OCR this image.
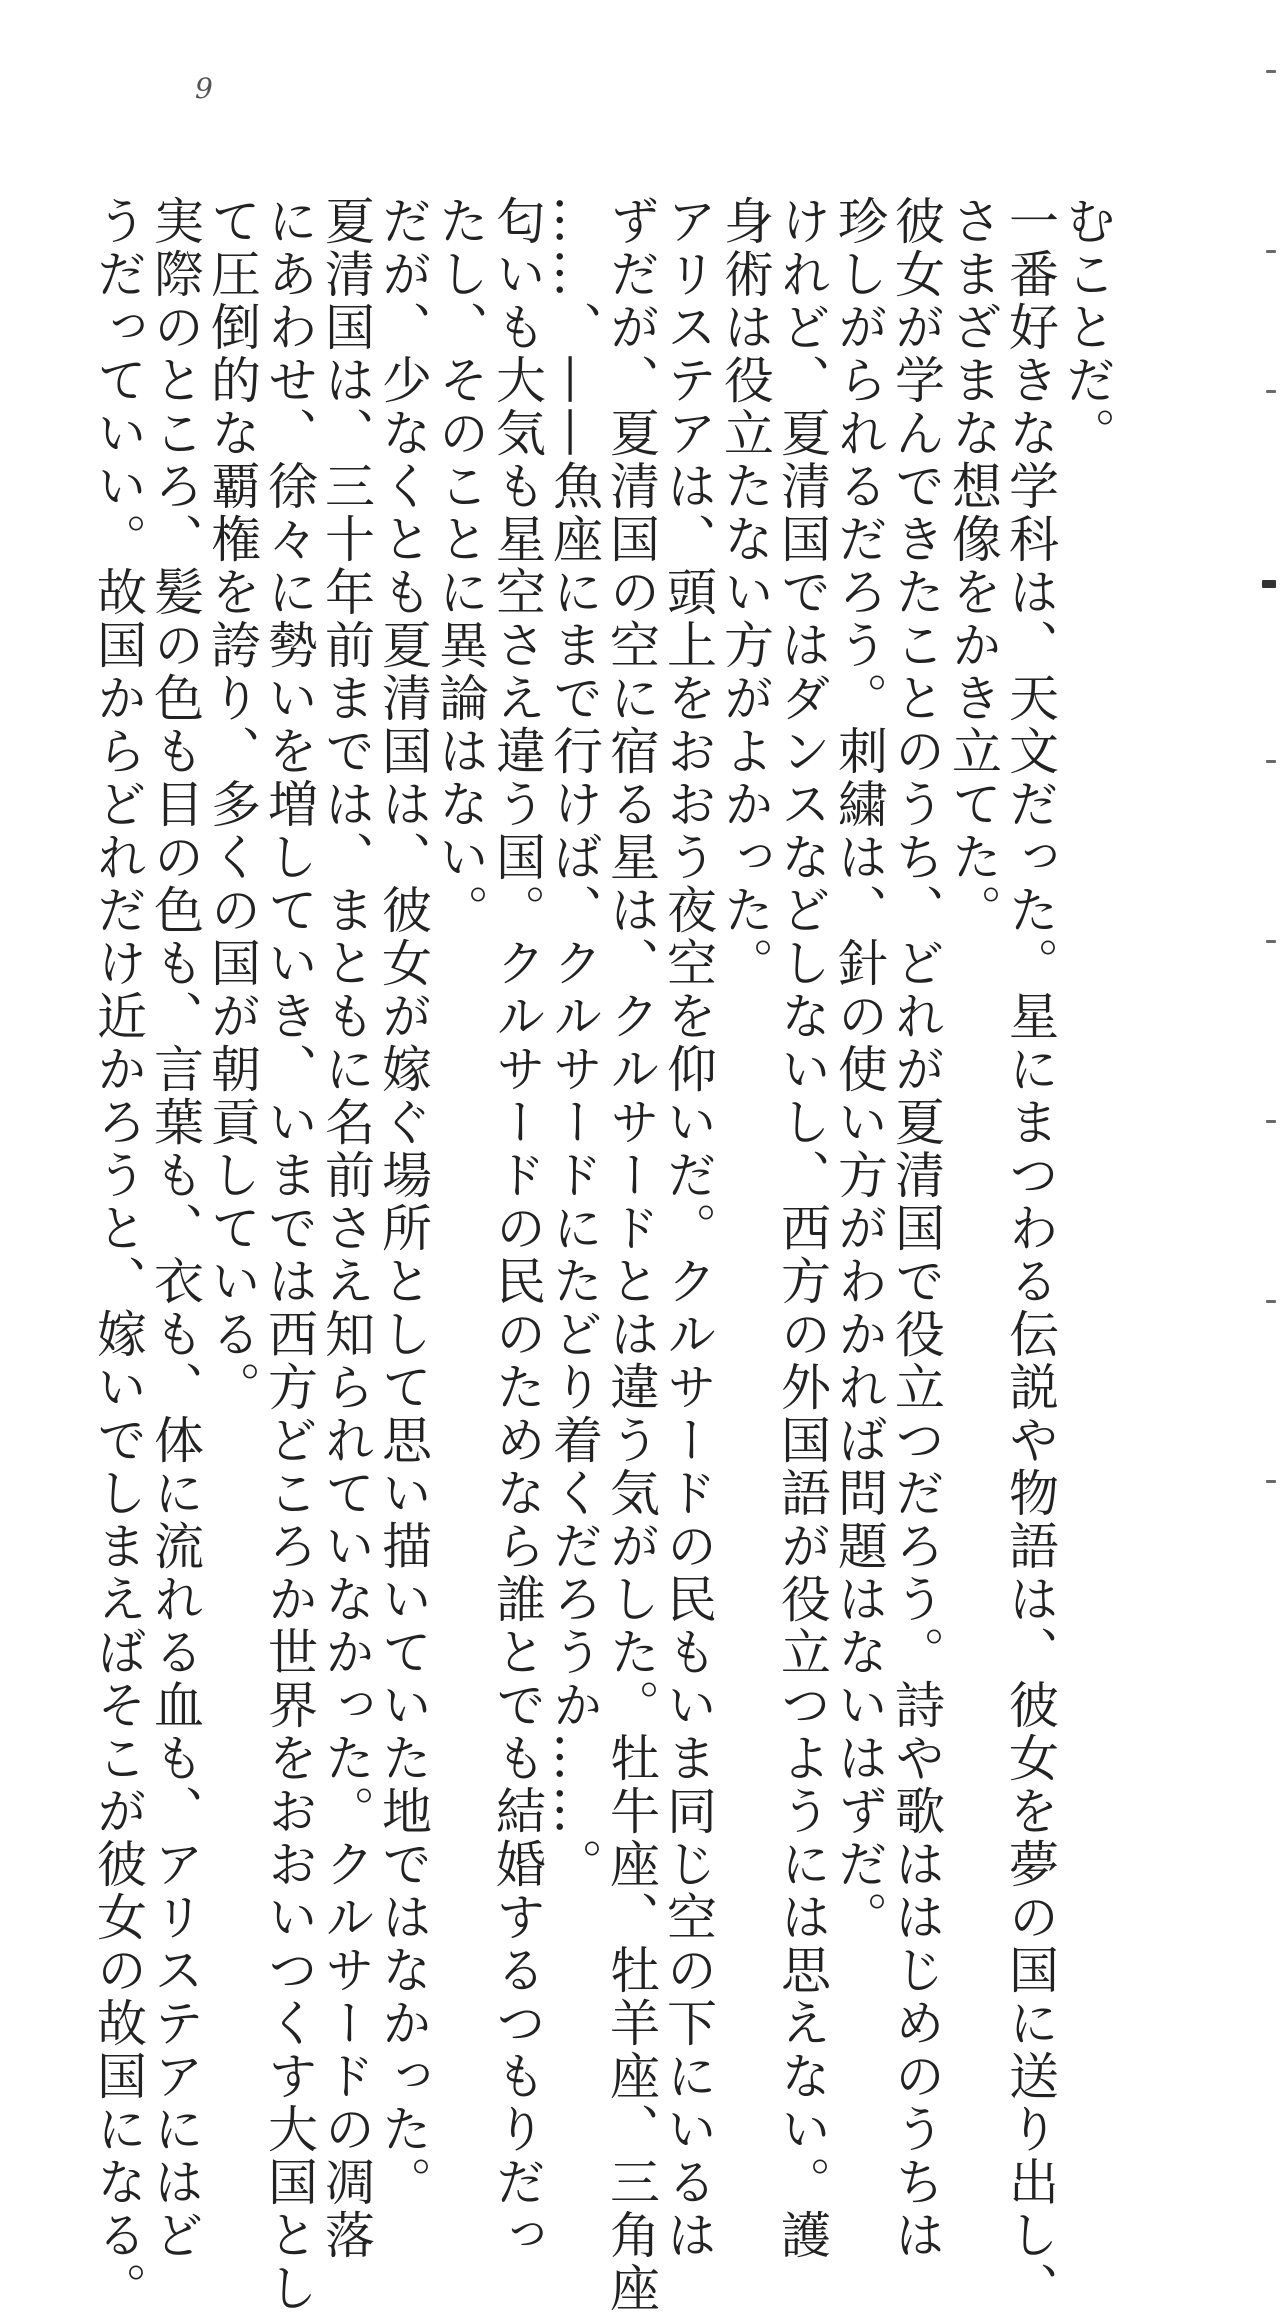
9
むことだ。
一番好きな学科は、天文だった。星にまつわる伝説や物語は、彼女を夢の国に送り出し、
さまざまな想像をかき立てた。
彼女が学んできたことのうち、どれが夏清国で役立つだろう。詩や歌ははじめのうちは
珍しがられるだろう。刺繍は、針の使い方がわかれば問題はないはずだ。
けれど、夏清国ではダンスなどしないし、西方の外国語が役立つようには思えない。護
身術は役立たない方がよかった。
アリステアは、頭上をおおう夜空を仰いだ。クルサードの民もいま同じ空の下にいるは
ずだが、夏清国の空に宿る星は、クルサードとは違う気がした。牡牛座、牡羊座、三角座
……、——魚座にまで行けば、クルサードにたどり着くだろうか……。
匂いも大気も星空さえ違う国。クルサードの民のためなら誰とでも結婚するつもりだっ
たし、そのことに異論はない。
だが、少なくとも夏清国は、彼女が嫁ぐ場所として思い描いていた地ではなかった。
夏清国は、三十年前までは、まともに名前さえ知られていなかった。クルサードの凋落
にあわせ、徐々に勢いを増していき、いまでは西方どころか世界をおおいつくす大国とし
て圧倒的な覇権を誇り、多くの国が朝貢している。
実際のところ、髪の色も目の色も、言葉も、衣も、体に流れる血も、アリステアにはど
うだっていい。故国からどれだけ近かろうと、嫁いでしまえばそこが彼女の故国になる。
